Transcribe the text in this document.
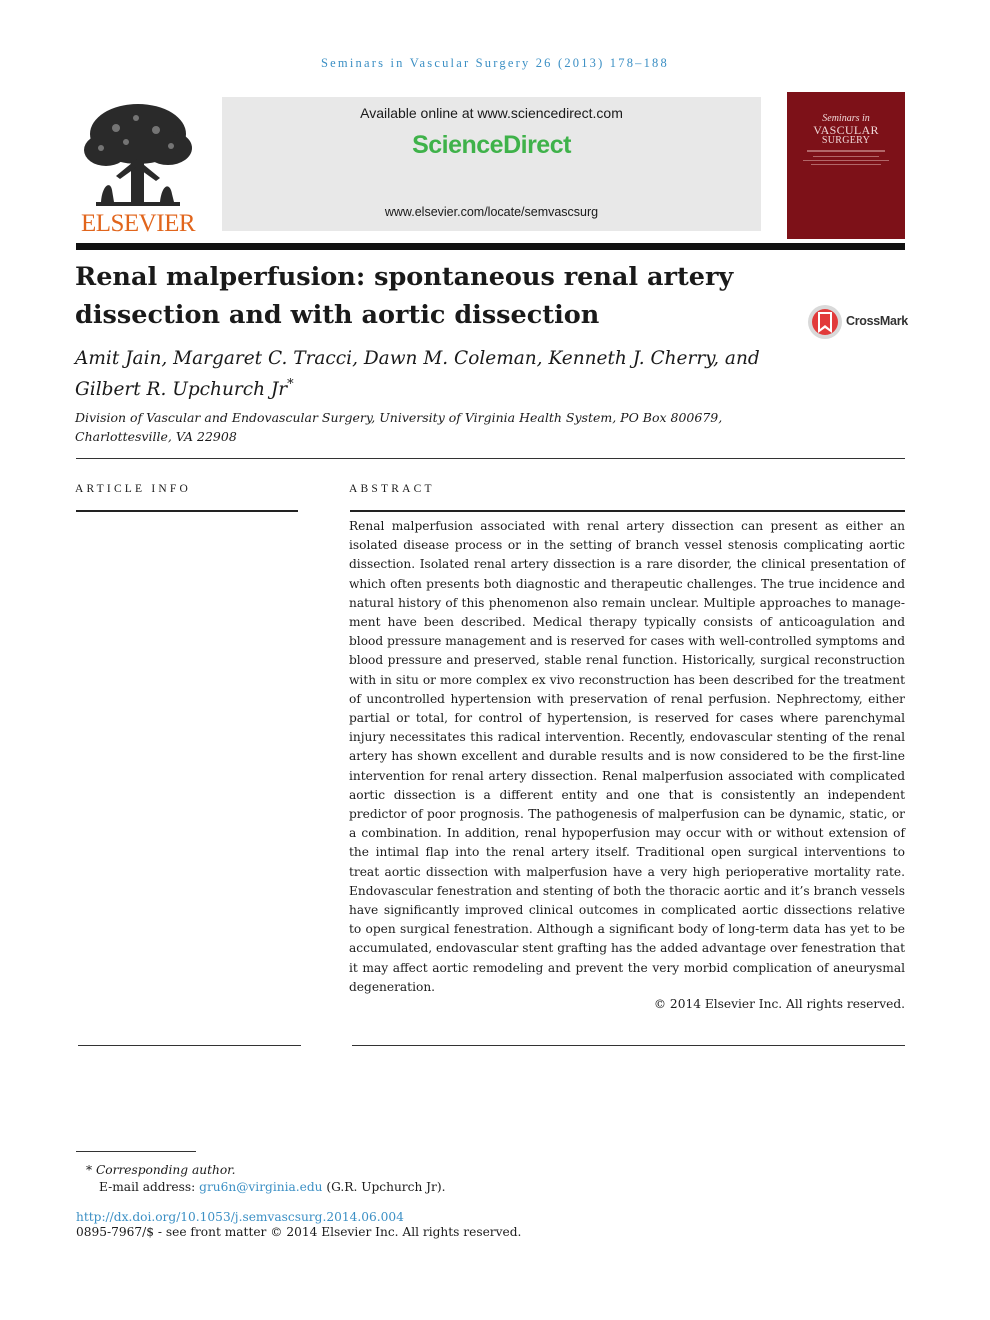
Seminars in Vascular Surgery 26 (2013) 178–188
ELSEVIER
Available online at www.sciencedirect.com
ScienceDirect
www.elsevier.com/locate/semvascsurg
Seminars in
VASCULAR
SURGERY
Renal malperfusion: spontaneous renal artery dissection and with aortic dissection	CrossMark
Amit Jain, Margaret C. Tracci, Dawn M. Coleman, Kenneth J. Cherry, and Gilbert R. Upchurch Jr*
Division of Vascular and Endovascular Surgery, University of Virginia Health System, PO Box 800679, Charlottesville, VA 22908
ARTICLE INFO	ABSTRACT

Renal malperfusion associated with renal artery dissection can present as either an isolated disease process or in the setting of branch vessel stenosis complicating aortic dissection. Isolated renal artery dissection is a rare disorder, the clinical presentation of which often presents both diagnostic and therapeutic challenges. The true incidence and natural history of this phenomenon also remain unclear. Multiple approaches to management have been described. Medical therapy typically consists of anticoagulation and blood pressure management and is reserved for cases with well-controlled symptoms and blood pressure and preserved, stable renal function. Historically, surgical reconstruction with in situ or more complex ex vivo reconstruction has been described for the treatment of uncontrolled hypertension with preservation of renal perfusion. Nephrectomy, either partial or total, for control of hypertension, is reserved for cases where parenchymal injury necessitates this radical intervention. Recently, endovascular stenting of the renal artery has shown excellent and durable results and is now considered to be the first-line intervention for renal artery dissection. Renal malperfusion associated with complicated aortic dissection is a different entity and one that is consistently an independent predictor of poor prognosis. The pathogenesis of malperfusion can be dynamic, static, or a combination. In addition, renal hypoperfusion may occur with or without extension of the intimal flap into the renal artery itself. Traditional open surgical interventions to treat aortic dissection with malperfusion have a very high perioperative mortality rate. Endovascular fenestration and stenting of both the thoracic aortic and it’s branch vessels have significantly improved clinical outcomes in complicated aortic dissections relative to open surgical fenestration. Although a significant body of long-term data has yet to be accumulated, endovascular stent grafting has the added advantage over fenestration that it may affect aortic remodeling and prevent the very morbid complication of aneurysmal degeneration.

© 2014 Elsevier Inc. All rights reserved.
* Corresponding author.
E-mail address: gru6n@virginia.edu (G.R. Upchurch Jr).
http://dx.doi.org/10.1053/j.semvascsurg.2014.06.004
0895-7967/$ - see front matter © 2014 Elsevier Inc. All rights reserved.
